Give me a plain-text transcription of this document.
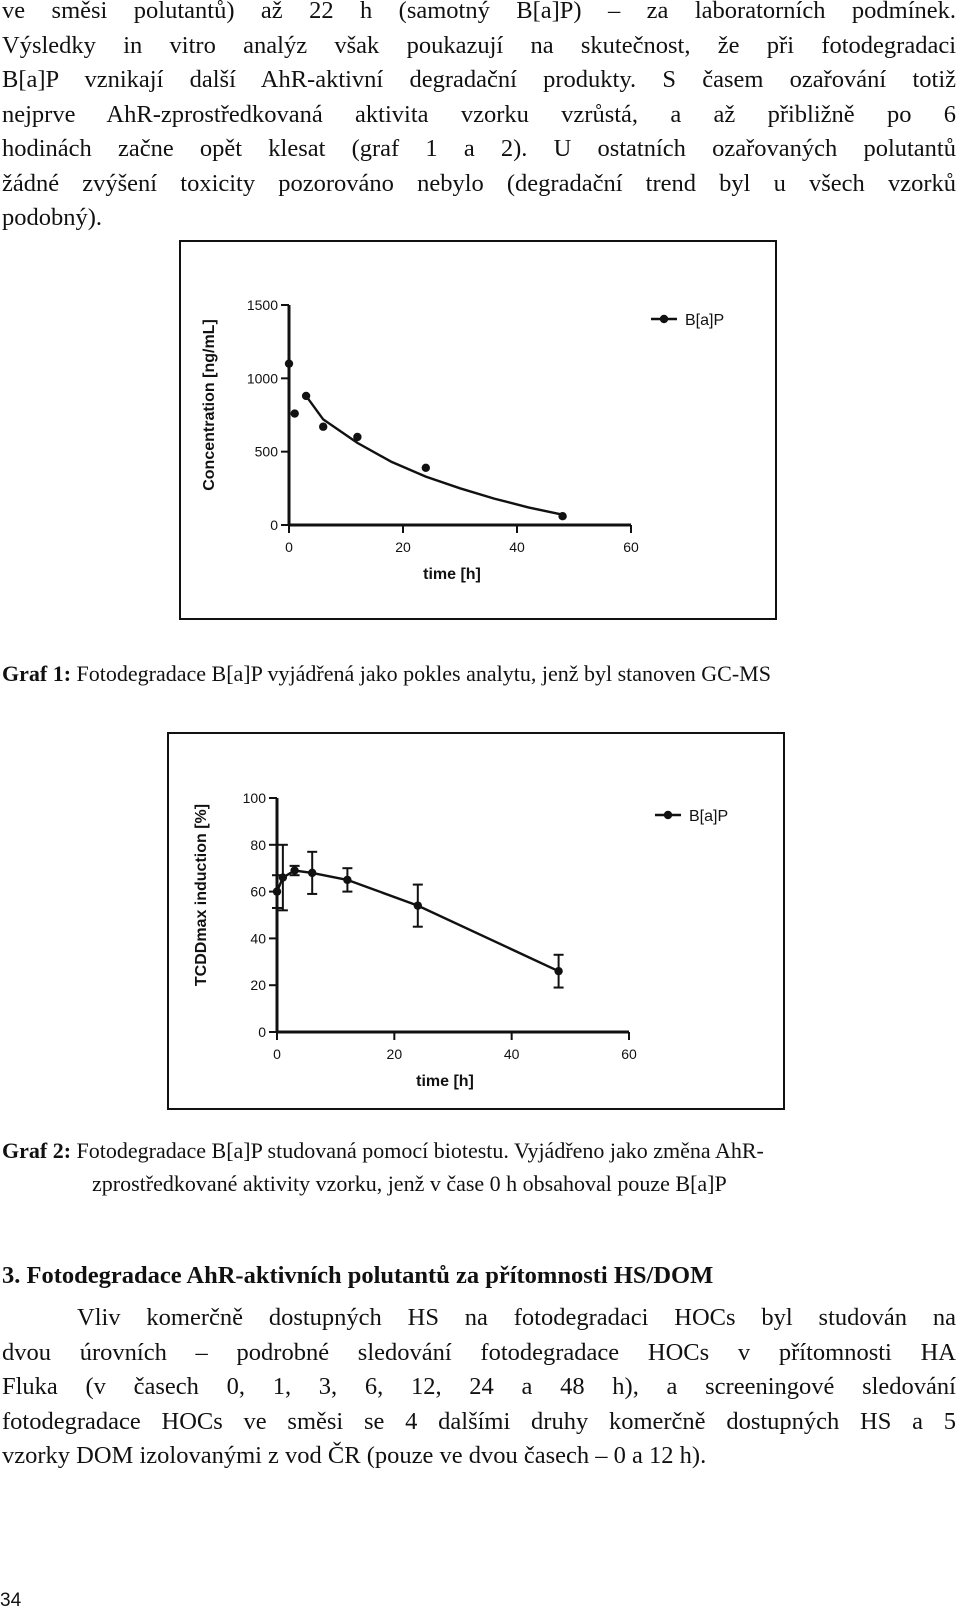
ve směsi polutantů) až 22 h (samotný B[a]P) – za laboratorních podmínek.
Výsledky in vitro analýz však poukazují na skutečnost, že při fotodegradaci
B[a]P vznikají další AhR-aktivní degradační produkty. S časem ozařování totiž
nejprve AhR-zprostředkovaná aktivita vzorku vzrůstá, a až přibližně po 6
hodinách začne opět klesat (graf 1 a 2). U ostatních ozařovaných polutantů
žádné zvýšení toxicity pozorováno nebylo (degradační trend byl u všech vzorků
podobný).
0
500
1000
1500
0	20	40	60
time [h]
Concentration [ng/mL]	B[a]P

Graf 1: Fotodegradace B[a]P vyjádřená jako pokles analytu, jenž byl stanoven GC-MS

0
20
40
60
80
100
0	20	40	60
time [h]
TCDDmax induction [%]	B[a]P
Graf 2: Fotodegradace B[a]P studovaná pomocí biotestu. Vyjádřeno jako změna AhR-
zprostředkované aktivity vzorku, jenž v čase 0 h obsahoval pouze B[a]P

3. Fotodegradace AhR-aktivních polutantů za přítomnosti HS/DOM

Vliv komerčně dostupných HS na fotodegradaci HOCs byl studován na
dvou úrovních – podrobné sledování fotodegradace HOCs v přítomnosti HA
Fluka (v časech 0, 1, 3, 6, 12, 24 a 48 h), a screeningové sledování
fotodegradace HOCs ve směsi se 4 dalšími druhy komerčně dostupných HS a 5
vzorky DOM izolovanými z vod ČR (pouze ve dvou časech – 0 a 12 h).
34
